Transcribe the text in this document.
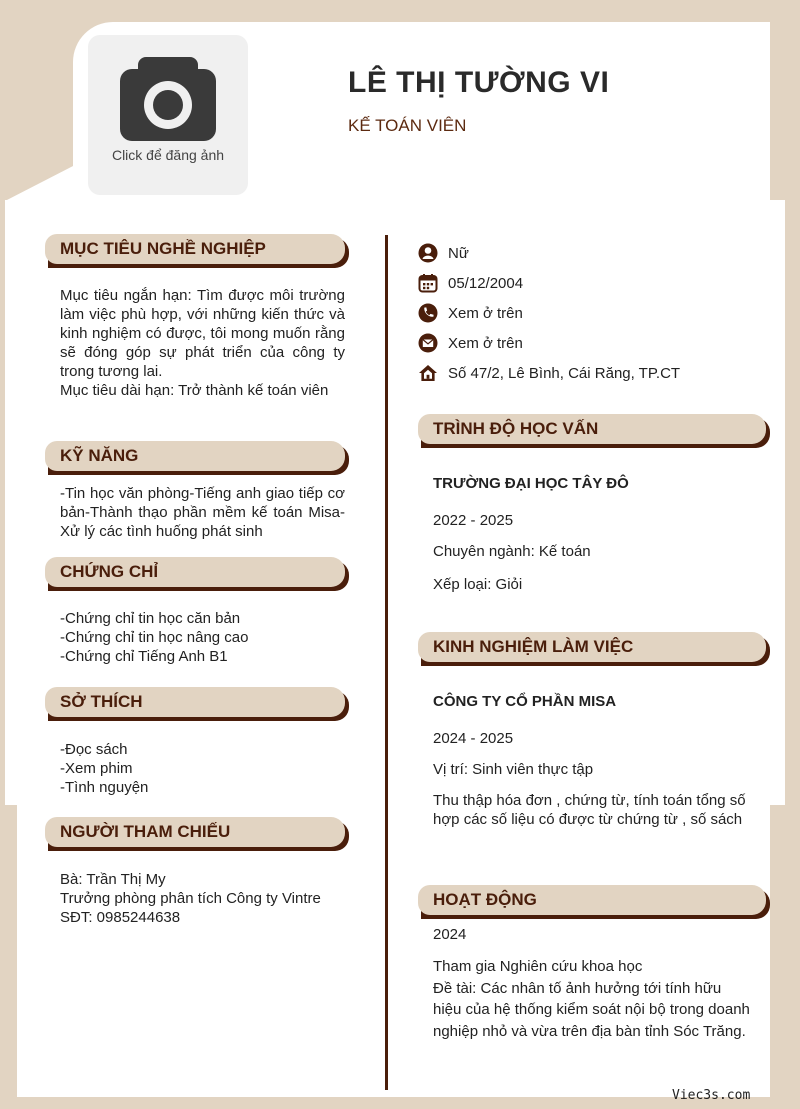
Click để đăng ảnh
LÊ THỊ TƯỜNG VI
KẾ TOÁN VIÊN
MỤC TIÊU NGHỀ NGHIỆP
Mục tiêu ngắn hạn: Tìm được môi trường làm việc phù hợp, với những kiến thức và kinh nghiệm có được, tôi mong muốn rằng sẽ đóng góp sự phát triển của công ty trong tương lai.
Mục tiêu dài hạn: Trở thành kế toán viên
KỸ NĂNG
-Tin học văn phòng-Tiếng anh giao tiếp cơ bản-Thành thạo phần mềm kế toán Misa-Xử lý các tình huống phát sinh
CHỨNG CHỈ
-Chứng chỉ tin học căn bản
-Chứng chỉ tin học nâng cao
-Chứng chỉ Tiếng Anh B1
SỞ THÍCH
-Đọc sách
-Xem phim
-Tình nguyện
NGƯỜI THAM CHIẾU
Bà: Trần Thị My
Trưởng phòng phân tích Công ty Vintre
SĐT: 0985244638
Nữ
05/12/2004
Xem ở trên
Xem ở trên
Số 47/2, Lê Bình, Cái Răng, TP.CT
TRÌNH ĐỘ HỌC VẤN
TRƯỜNG ĐẠI HỌC TÂY ĐÔ
2022 - 2025
Chuyên ngành: Kế toán
Xếp loại: Giỏi
KINH NGHIỆM LÀM VIỆC
CÔNG TY CỔ PHẦN MISA
2024 - 2025
Vị trí: Sinh viên thực tập
Thu thập hóa đơn , chứng từ, tính toán tổng số hợp các số liệu có được từ chứng từ , số sách
HOẠT ĐỘNG
2024
Tham gia Nghiên cứu khoa học
Đề tài: Các nhân tố ảnh hưởng tới tính hữu hiệu của hệ thống kiểm soát nội bộ trong doanh nghiệp nhỏ và vừa trên địa bàn tỉnh Sóc Trăng.
Viec3s.com
